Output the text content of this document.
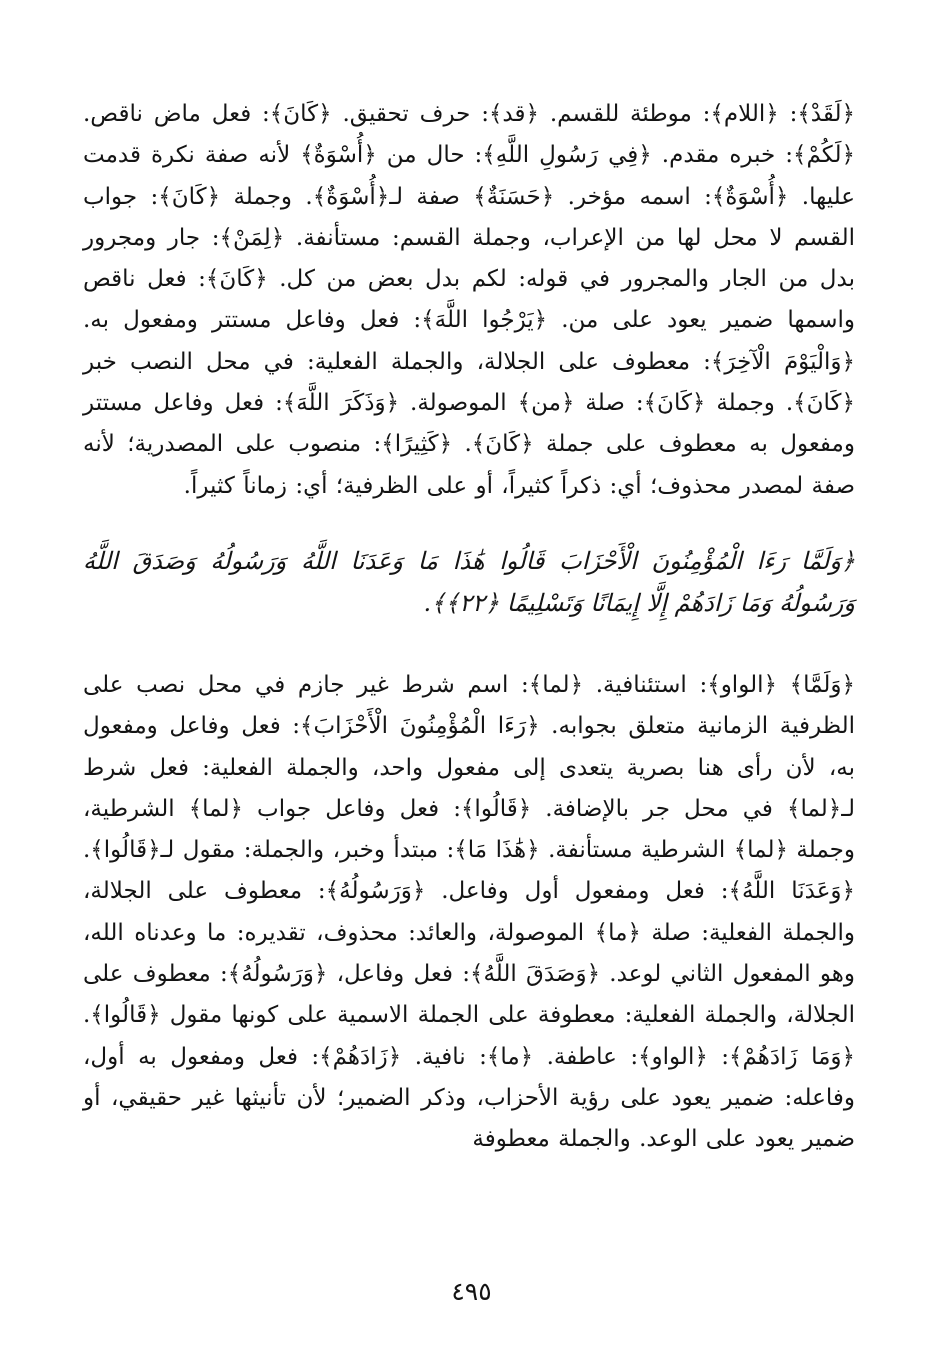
﴿لَقَدْ﴾: ﴿اللام﴾: موطئة للقسم. ﴿قد﴾: حرف تحقيق. ﴿كَانَ﴾: فعل ماض ناقص. ﴿لَكُمْ﴾: خبره مقدم. ﴿فِي رَسُولِ اللَّهِ﴾: حال من ﴿أُسْوَةٌ﴾ لأنه صفة نكرة قدمت عليها. ﴿أُسْوَةٌ﴾: اسمه مؤخر. ﴿حَسَنَةٌ﴾ صفة لـ﴿أُسْوَةٌ﴾. وجملة ﴿كَانَ﴾: جواب القسم لا محل لها من الإعراب، وجملة القسم: مستأنفة. ﴿لِمَنْ﴾: جار ومجرور بدل من الجار والمجرور في قوله: لكم بدل بعض من كل. ﴿كَانَ﴾: فعل ناقص واسمها ضمير يعود على من. ﴿يَرْجُوا اللَّهَ﴾: فعل وفاعل مستتر ومفعول به. ﴿وَالْيَوْمَ الْآخِرَ﴾: معطوف على الجلالة، والجملة الفعلية: في محل النصب خبر ﴿كَانَ﴾. وجملة ﴿كَانَ﴾: صلة ﴿من﴾ الموصولة. ﴿وَذَكَرَ اللَّهَ﴾: فعل وفاعل مستتر ومفعول به معطوف على جملة ﴿كَانَ﴾. ﴿كَثِيرًا﴾: منصوب على المصدرية؛ لأنه صفة لمصدر محذوف؛ أي: ذكراً كثيراً، أو على الظرفية؛ أي: زماناً كثيراً.

﴿وَلَمَّا رَءَا الْمُؤْمِنُونَ الْأَحْزَابَ قَالُوا هَٰذَا مَا وَعَدَنَا اللَّهُ وَرَسُولُهُ وَصَدَقَ اللَّهُ وَرَسُولُهُ وَمَا زَادَهُمْ إِلَّا إِيمَانًا وَتَسْلِيمًا ﴿٢٢﴾﴾.

﴿وَلَمَّا﴾ ﴿الواو﴾: استئنافية. ﴿لما﴾: اسم شرط غير جازم في محل نصب على الظرفية الزمانية متعلق بجوابه. ﴿رَءَا الْمُؤْمِنُونَ الْأَحْزَابَ﴾: فعل وفاعل ومفعول به، لأن رأى هنا بصرية يتعدى إلى مفعول واحد، والجملة الفعلية: فعل شرط لـ﴿لما﴾ في محل جر بالإضافة. ﴿قَالُوا﴾: فعل وفاعل جواب ﴿لما﴾ الشرطية، وجملة ﴿لما﴾ الشرطية مستأنفة. ﴿هَٰذَا مَا﴾: مبتدأ وخبر، والجملة: مقول لـ﴿قَالُوا﴾. ﴿وَعَدَنَا اللَّهُ﴾: فعل ومفعول أول وفاعل. ﴿وَرَسُولُهُ﴾: معطوف على الجلالة، والجملة الفعلية: صلة ﴿ما﴾ الموصولة، والعائد: محذوف، تقديره: ما وعدناه الله، وهو المفعول الثاني لوعد. ﴿وَصَدَقَ اللَّهُ﴾: فعل وفاعل، ﴿وَرَسُولُهُ﴾: معطوف على الجلالة، والجملة الفعلية: معطوفة على الجملة الاسمية على كونها مقول ﴿قَالُوا﴾. ﴿وَمَا زَادَهُمْ﴾: ﴿الواو﴾: عاطفة. ﴿ما﴾: نافية. ﴿زَادَهُمْ﴾: فعل ومفعول به أول، وفاعله: ضمير يعود على رؤية الأحزاب، وذكر الضمير؛ لأن تأنيثها غير حقيقي، أو ضمير يعود على الوعد. والجملة معطوفة

٤٩٥
